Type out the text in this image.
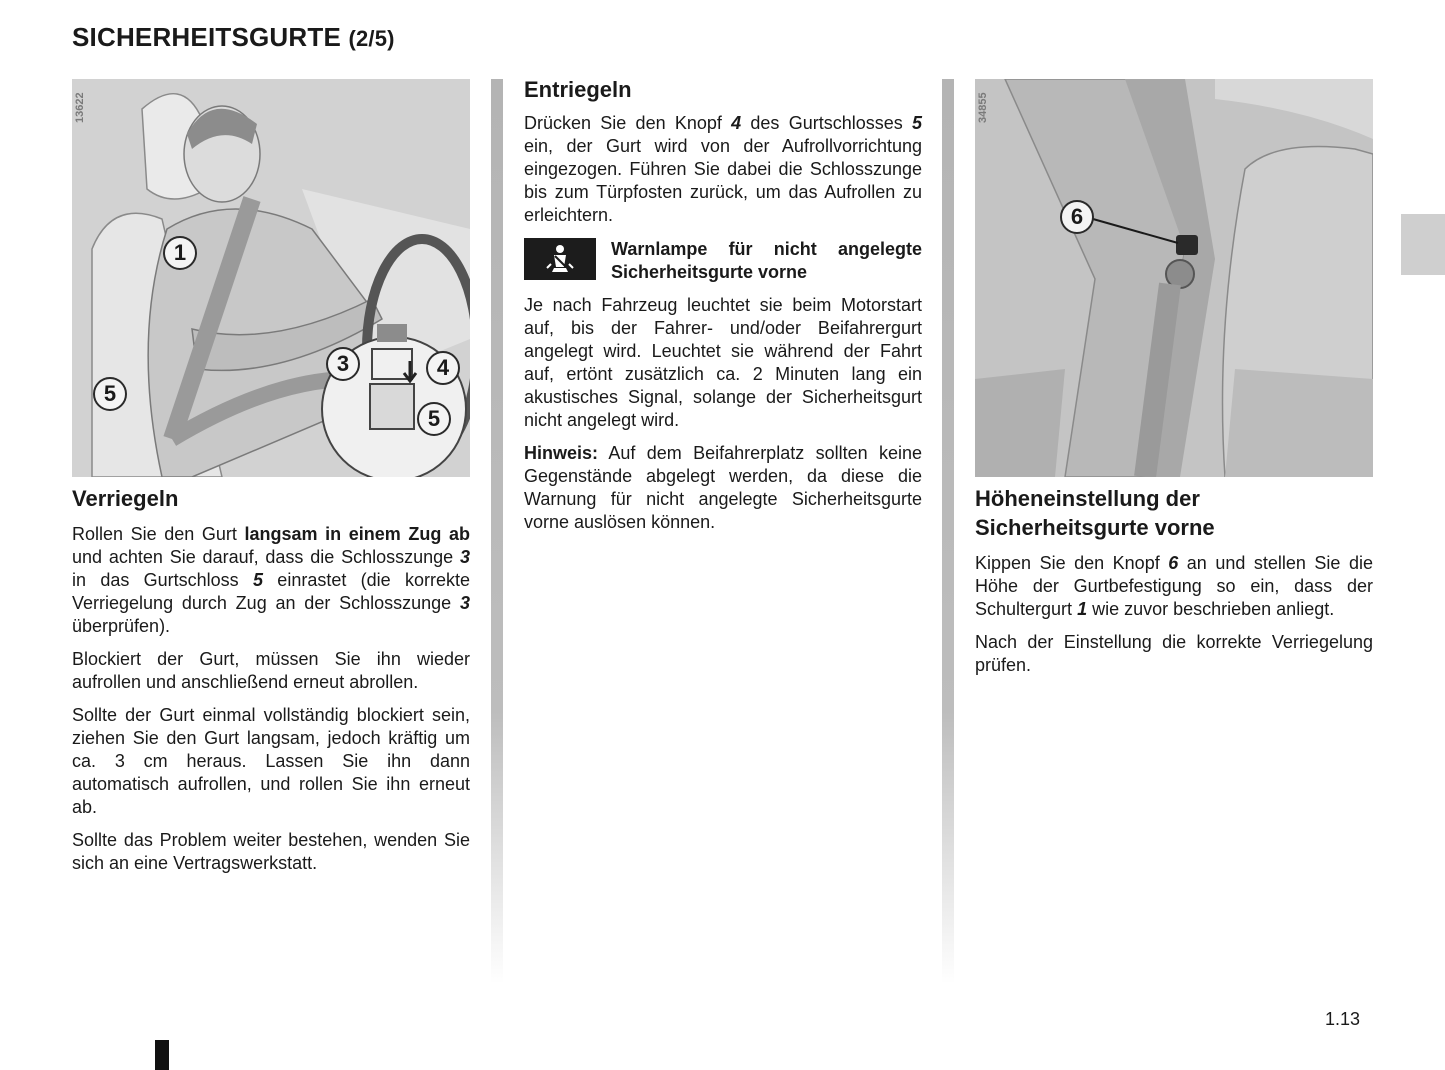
SICHERHEITSGURTE (2/5)
13622
1
3	4
5
5
Verriegeln

Rollen Sie den Gurt langsam in einem Zug ab und achten Sie darauf, dass die Schlosszunge 3 in das Gurtschloss 5 einrastet (die korrekte Verriegelung durch Zug an der Schlosszunge 3 überprüfen).

Blockiert der Gurt, müssen Sie ihn wieder aufrollen und anschließend erneut abrollen.

Sollte der Gurt einmal vollständig blockiert sein, ziehen Sie den Gurt langsam, jedoch kräftig um ca. 3 cm heraus. Lassen Sie ihn dann automatisch aufrollen, und rollen Sie ihn erneut ab.

Sollte das Problem weiter bestehen, wenden Sie sich an eine Vertragswerkstatt.

Entriegeln

Drücken Sie den Knopf 4 des Gurtschlosses 5 ein, der Gurt wird von der Aufrollvorrichtung eingezogen. Führen Sie dabei die Schlosszunge bis zum Türpfosten zurück, um das Aufrollen zu erleichtern.

Warnlampe für nicht angelegte Sicherheitsgurte vorne

Je nach Fahrzeug leuchtet sie beim Motorstart auf, bis der Fahrer- und/oder Beifahrergurt angelegt wird. Leuchtet sie während der Fahrt auf, ertönt zusätzlich ca. 2 Minuten lang ein akustisches Signal, solange der Sicherheitsgurt nicht angelegt wird.

Hinweis: Auf dem Beifahrerplatz sollten keine Gegenstände abgelegt werden, da diese die Warnung für nicht angelegte Sicherheitsgurte vorne auslösen können.

34855
6
Höheneinstellung der Sicherheitsgurte vorne

Kippen Sie den Knopf 6 an und stellen Sie die Höhe der Gurtbefestigung so ein, dass der Schultergurt 1 wie zuvor beschrieben anliegt.

Nach der Einstellung die korrekte Verriegelung prüfen.

1.13
